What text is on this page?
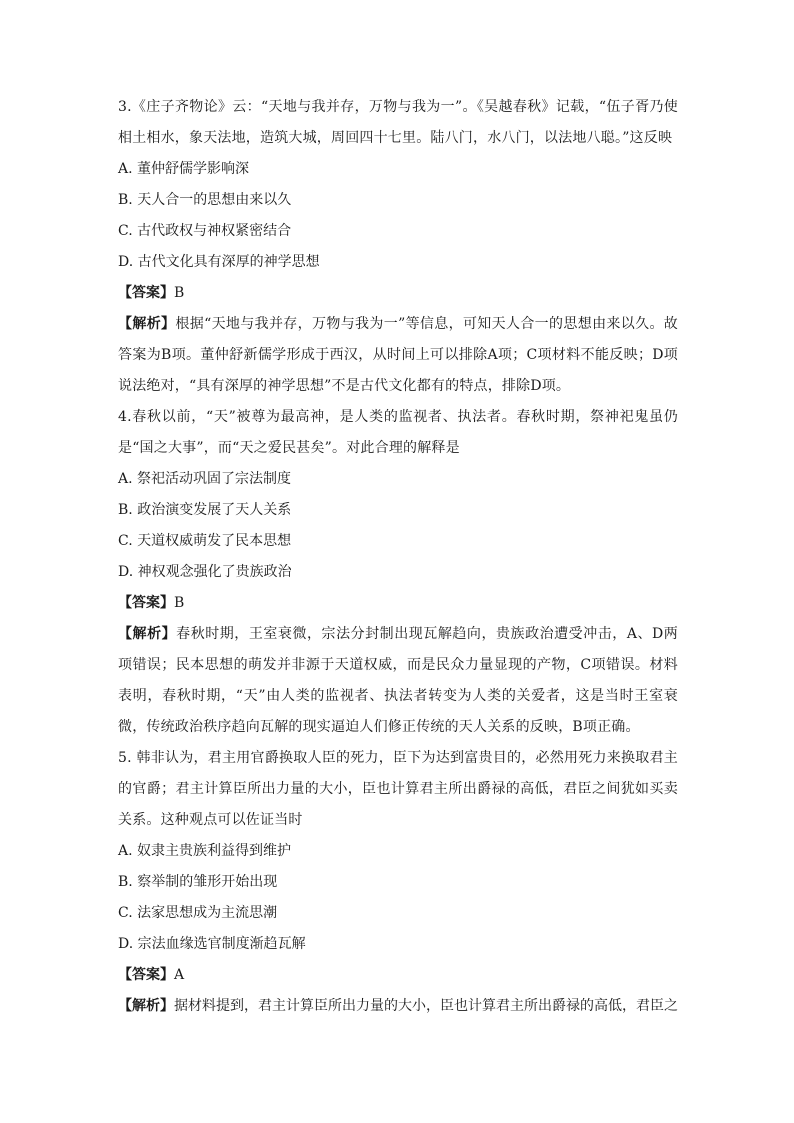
3.《庄子齐物论》云：“天地与我并存，万物与我为一”。《吴越春秋》记载，“伍子胥乃使相土相水，象天法地，造筑大城，周回四十七里。陆八门，水八门，以法地八聪。”这反映
A. 董仲舒儒学影响深
B. 天人合一的思想由来以久
C. 古代政权与神权紧密结合
D. 古代文化具有深厚的神学思想
【答案】B
【解析】根据“天地与我并存，万物与我为一”等信息，可知天人合一的思想由来以久。故答案为B项。董仲舒新儒学形成于西汉，从时间上可以排除A项；C项材料不能反映；D项说法绝对，“具有深厚的神学思想”不是古代文化都有的特点，排除D项。
4.春秋以前，“天”被尊为最高神，是人类的监视者、执法者。春秋时期，祭神祀鬼虽仍是“国之大事”，而“天之爱民甚矣”。对此合理的解释是
A. 祭祀活动巩固了宗法制度
B. 政治演变发展了天人关系
C. 天道权威萌发了民本思想
D. 神权观念强化了贵族政治
【答案】B
【解析】春秋时期，王室衰微，宗法分封制出现瓦解趋向，贵族政治遭受冲击，A、D两项错误；民本思想的萌发并非源于天道权威，而是民众力量显现的产物，C项错误。材料表明，春秋时期，“天”由人类的监视者、执法者转变为人类的关爱者，这是当时王室衰微，传统政治秩序趋向瓦解的现实逼迫人们修正传统的天人关系的反映，B项正确。
5. 韩非认为，君主用官爵换取人臣的死力，臣下为达到富贵目的，必然用死力来换取君主的官爵；君主计算臣所出力量的大小，臣也计算君主所出爵禄的高低，君臣之间犹如买卖关系。这种观点可以佐证当时
A. 奴隶主贵族利益得到维护
B. 察举制的雏形开始出现
C. 法家思想成为主流思潮
D. 宗法血缘选官制度渐趋瓦解
【答案】A
【解析】据材料提到，君主计算臣所出力量的大小，臣也计算君主所出爵禄的高低，君臣之
